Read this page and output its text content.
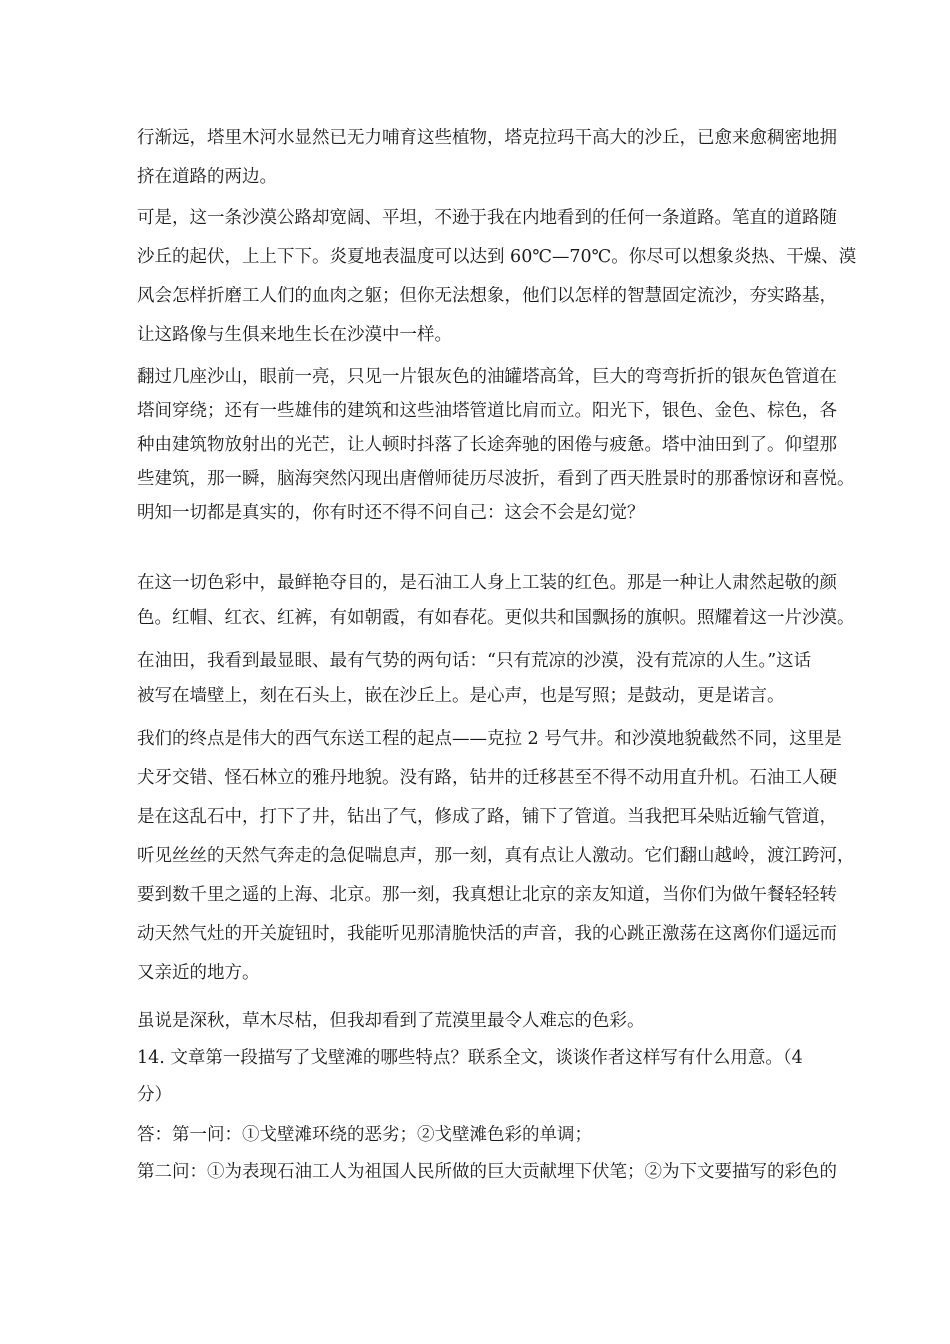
行渐远，塔里木河水显然已无力哺育这些植物，塔克拉玛干高大的沙丘，已愈来愈稠密地拥
挤在道路的两边。
可是，这一条沙漠公路却宽阔、平坦，不逊于我在内地看到的任何一条道路。笔直的道路随
沙丘的起伏，上上下下。炎夏地表温度可以达到 60℃—70℃。你尽可以想象炎热、干燥、漠
风会怎样折磨工人们的血肉之躯；但你无法想象，他们以怎样的智慧固定流沙，夯实路基，
让这路像与生俱来地生长在沙漠中一样。
翻过几座沙山，眼前一亮，只见一片银灰色的油罐塔高耸，巨大的弯弯折折的银灰色管道在
塔间穿绕；还有一些雄伟的建筑和这些油塔管道比肩而立。阳光下，银色、金色、棕色，各
种由建筑物放射出的光芒，让人顿时抖落了长途奔驰的困倦与疲惫。塔中油田到了。仰望那
些建筑，那一瞬，脑海突然闪现出唐僧师徒历尽波折，看到了西天胜景时的那番惊讶和喜悦。
明知一切都是真实的，你有时还不得不问自己：这会不会是幻觉？
在这一切色彩中，最鲜艳夺目的，是石油工人身上工装的红色。那是一种让人肃然起敬的颜
色。红帽、红衣、红裤，有如朝霞，有如春花。更似共和国飘扬的旗帜。照耀着这一片沙漠。
在油田，我看到最显眼、最有气势的两句话：“只有荒凉的沙漠，没有荒凉的人生。”这话
被写在墙壁上，刻在石头上，嵌在沙丘上。是心声，也是写照；是鼓动，更是诺言。
我们的终点是伟大的西气东送工程的起点——克拉 2 号气井。和沙漠地貌截然不同，这里是
犬牙交错、怪石林立的雅丹地貌。没有路，钻井的迁移甚至不得不动用直升机。石油工人硬
是在这乱石中，打下了井，钻出了气，修成了路，铺下了管道。当我把耳朵贴近输气管道，
听见丝丝的天然气奔走的急促喘息声，那一刻，真有点让人激动。它们翻山越岭，渡江跨河，
要到数千里之遥的上海、北京。那一刻，我真想让北京的亲友知道，当你们为做午餐轻轻转
动天然气灶的开关旋钮时，我能听见那清脆快活的声音，我的心跳正激荡在这离你们遥远而
又亲近的地方。
虽说是深秋，草木尽枯，但我却看到了荒漠里最令人难忘的色彩。
14. 文章第一段描写了戈壁滩的哪些特点？联系全文，谈谈作者这样写有什么用意。（4
分）
答：第一问：①戈壁滩环绕的恶劣；②戈壁滩色彩的单调；
第二问：①为表现石油工人为祖国人民所做的巨大贡献埋下伏笔；②为下文要描写的彩色的
